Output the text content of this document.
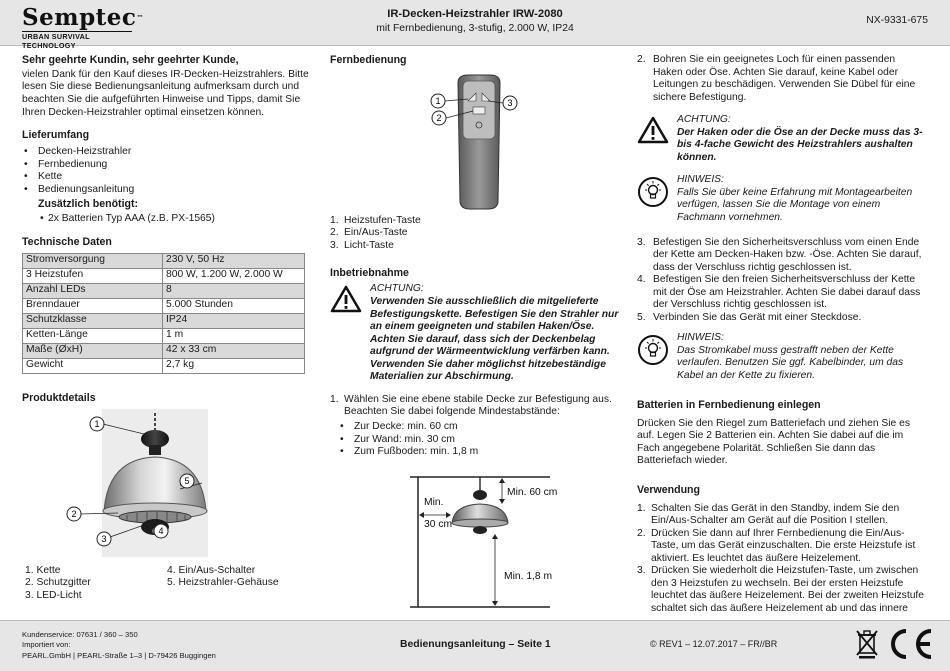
Semptec™
URBAN SURVIVAL TECHNOLOGY
IR-Decken-Heizstrahler IRW-2080
mit Fernbedienung, 3-stufig, 2.000 W, IP24
NX-9331-675
Sehr geehrte Kundin, sehr geehrter Kunde,

vielen Dank für den Kauf dieses IR-Decken-Heizstrahlers. Bitte lesen Sie diese Bedienungsanleitung aufmerksam durch und beachten Sie die aufgeführten Hinweise und Tipps, damit Sie Ihren Decken-Heizstrahler optimal einsetzen können.

Lieferumfang
• Decken-Heizstrahler
• Fernbedienung
• Kette
• Bedienungsanleitung
Zusätzlich benötigt:
• 2x Batterien Typ AAA (z.B. PX-1565)
Technische Daten
Stromversorgung	230 V, 50 Hz
3 Heizstufen	800 W, 1.200 W, 2.000 W
Anzahl LEDs	8
Brenndauer	5.000 Stunden
Schutzklasse	IP24
Ketten-Länge	1 m
Maße (ØxH)	42 x 33 cm
Gewicht	2,7 kg
Produktdetails
1
2
3
4
5
1. Kette
2. Schutzgitter
3. LED-Licht
4. Ein/Aus-Schalter
5. Heizstrahler-Gehäuse
Fernbedienung
1
2
3
1. Heizstufen-Taste
2. Ein/Aus-Taste
3. Licht-Taste
Inbetriebnahme
ACHTUNG:
Verwenden Sie ausschließlich die mitgelieferte Befestigungskette. Befestigen Sie den Strahler nur an einem geeigneten und stabilen Haken/Öse. Achten Sie darauf, dass sich der Deckenbelag aufgrund der Wärmeentwicklung verfärben kann. Verwenden Sie daher möglichst hitzebeständige Materialien zur Abschirmung.
1. Wählen Sie eine ebene stabile Decke zur Befestigung aus. Beachten Sie dabei folgende Mindestabstände:
• Zur Decke: min. 60 cm
• Zur Wand: min. 30 cm
• Zum Fußboden: min. 1,8 m
Min. 60 cm
Min.
30 cm
Min. 1,8 m
2. Bohren Sie ein geeignetes Loch für einen passenden Haken oder Öse. Achten Sie darauf, keine Kabel oder Leitungen zu beschädigen. Verwenden Sie Dübel für eine sichere Befestigung.
ACHTUNG:
Der Haken oder die Öse an der Decke muss das 3- bis 4-fache Gewicht des Heizstrahlers aushalten können.
HINWEIS:
Falls Sie über keine Erfahrung mit Montagearbeiten verfügen, lassen Sie die Montage von einem Fachmann vornehmen.
3. Befestigen Sie den Sicherheitsverschluss vom einen Ende der Kette am Decken-Haken bzw. -Öse. Achten Sie darauf, dass der Verschluss richtig geschlossen ist.
4. Befestigen Sie den freien Sicherheitsverschluss der Kette mit der Öse am Heizstrahler. Achten Sie dabei darauf dass der Verschluss richtig geschlossen ist.
5. Verbinden Sie das Gerät mit einer Steckdose.
HINWEIS:
Das Stromkabel muss gestrafft neben der Kette verlaufen. Benutzen Sie ggf. Kabelbinder, um das Kabel an der Kette zu fixieren.
Batterien in Fernbedienung einlegen

Drücken Sie den Riegel zum Batteriefach und ziehen Sie es auf. Legen Sie 2 Batterien ein. Achten Sie dabei auf die im Fach angegebene Polarität. Schließen Sie dann das Batteriefach wieder.

Verwendung
1. Schalten Sie das Gerät in den Standby, indem Sie den Ein/Aus-Schalter am Gerät auf die Position I stellen.
2. Drücken Sie dann auf Ihrer Fernbedienung die Ein/Aus-Taste, um das Gerät einzuschalten. Die erste Heizstufe ist aktiviert. Es leuchtet das äußere Heizelement.
3. Drücken Sie wiederholt die Heizstufen-Taste, um zwischen den 3 Heizstufen zu wechseln. Bei der ersten Heizstufe leuchtet das äußere Heizelement. Bei der zweiten Heizstufe schaltet sich das äußere Heizelement ab und das innere
Kundenservice: 07631 / 360 – 350
Importiert von:
PEARL.GmbH | PEARL-Straße 1–3 | D-79426 Buggingen
Bedienungsanleitung – Seite 1	© REV1 – 12.07.2017 – FR//BR
